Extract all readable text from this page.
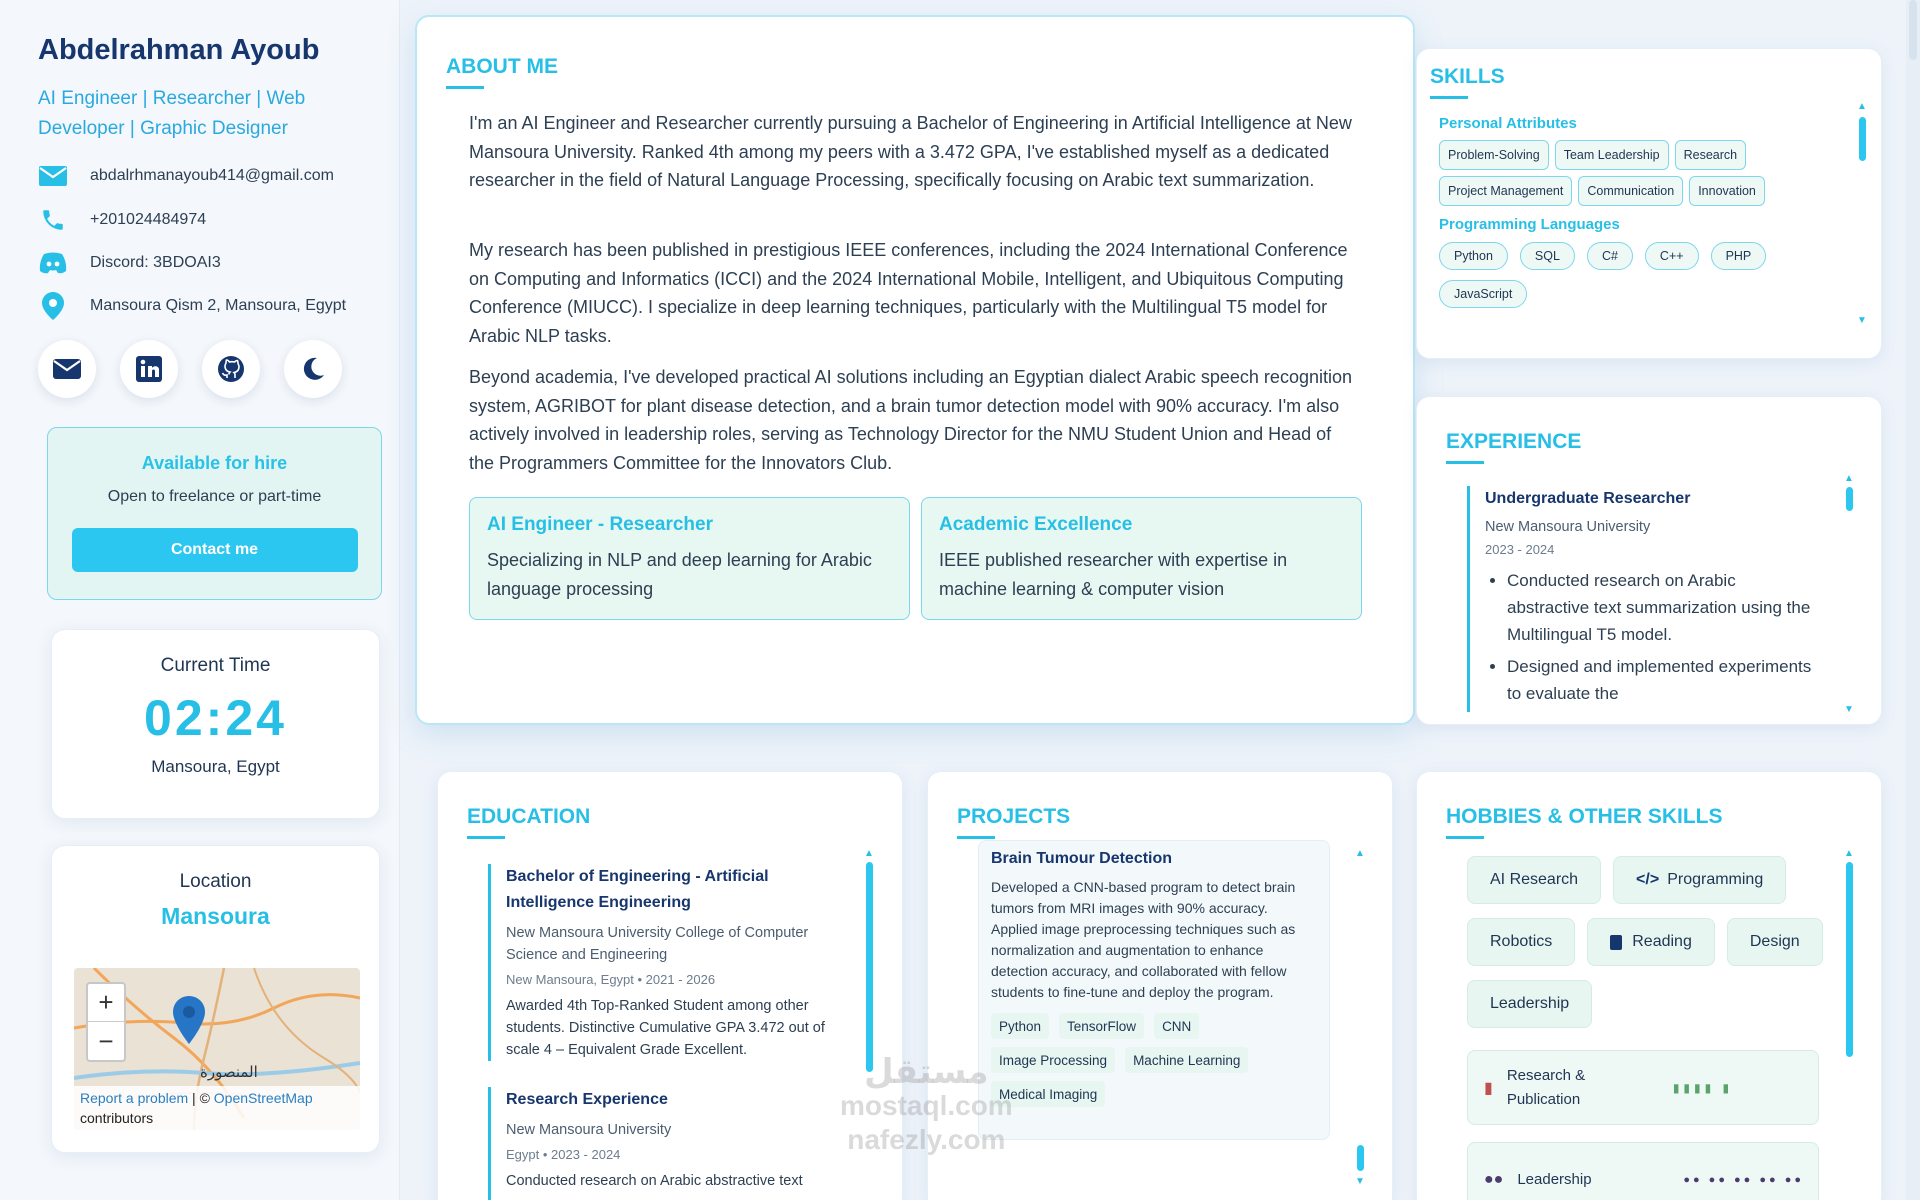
Abdelrahman Ayoub
AI Engineer | Researcher | Web Developer | Graphic Designer
abdalrhmanayoub414@gmail.com
+201024484974
Discord: 3BDOAI3
Mansoura Qism 2, Mansoura, Egypt
Available for hire

Open to freelance or part-time

Contact me
Current Time
02:24
Mansoura, Egypt
Location
Mansoura
+
−
المنصورة
Report a problem | © OpenStreetMap
contributors
ABOUT ME

I'm an AI Engineer and Researcher currently pursuing a Bachelor of Engineering in Artificial Intelligence at New Mansoura University. Ranked 4th among my peers with a 3.472 GPA, I've established myself as a dedicated researcher in the field of Natural Language Processing, specifically focusing on Arabic text summarization.

My research has been published in prestigious IEEE conferences, including the 2024 International Conference on Computing and Informatics (ICCI) and the 2024 International Mobile, Intelligent, and Ubiquitous Computing Conference (MIUCC). I specialize in deep learning techniques, particularly with the Multilingual T5 model for Arabic NLP tasks.

Beyond academia, I've developed practical AI solutions including an Egyptian dialect Arabic speech recognition system, AGRIBOT for plant disease detection, and a brain tumor detection model with 90% accuracy. I'm also actively involved in leadership roles, serving as Technology Director for the NMU Student Union and Head of the Programmers Committee for the Innovators Club.

AI Engineer - Researcher

Specializing in NLP and deep learning for Arabic language processing

Academic Excellence

IEEE published researcher with expertise in machine learning & computer vision

SKILLS
Personal Attributes
Problem-Solving	Team Leadership	Research
Project Management	Communication	Innovation
Programming Languages
Python	SQL	C#	C++	PHP
JavaScript
▲
▼
EXPERIENCE
Undergraduate Researcher
New Mansoura University
2023 - 2024
• Conducted research on Arabic abstractive text summarization using the Multilingual T5 model.
• Designed and implemented experiments to evaluate the
▲
▼
EDUCATION
Bachelor of Engineering - Artificial Intelligence Engineering
New Mansoura University College of Computer Science and Engineering
New Mansoura, Egypt • 2021 - 2026
Awarded 4th Top-Ranked Student among other students. Distinctive Cumulative GPA 3.472 out of scale 4 – Equivalent Grade Excellent.
Research Experience
New Mansoura University
Egypt • 2023 - 2024
Conducted research on Arabic abstractive text
▲
PROJECTS
Brain Tumour Detection
Developed a CNN-based program to detect brain tumors from MRI images with 90% accuracy. Applied image preprocessing techniques such as normalization and augmentation to enhance detection accuracy, and collaborated with fellow students to fine-tune and deploy the program.
Python	TensorFlow	CNN
Image Processing	Machine Learning
Medical Imaging
▲
▼
HOBBIES & OTHER SKILLS
AI Research	</> Programming
Robotics	Reading	Design
Leadership
▮
Research & Publication
▮▮▮▮ ▮
●● Leadership	●● ●● ●● ●● ●●
▲
مستقل
mostaql.com
nafezly.com
